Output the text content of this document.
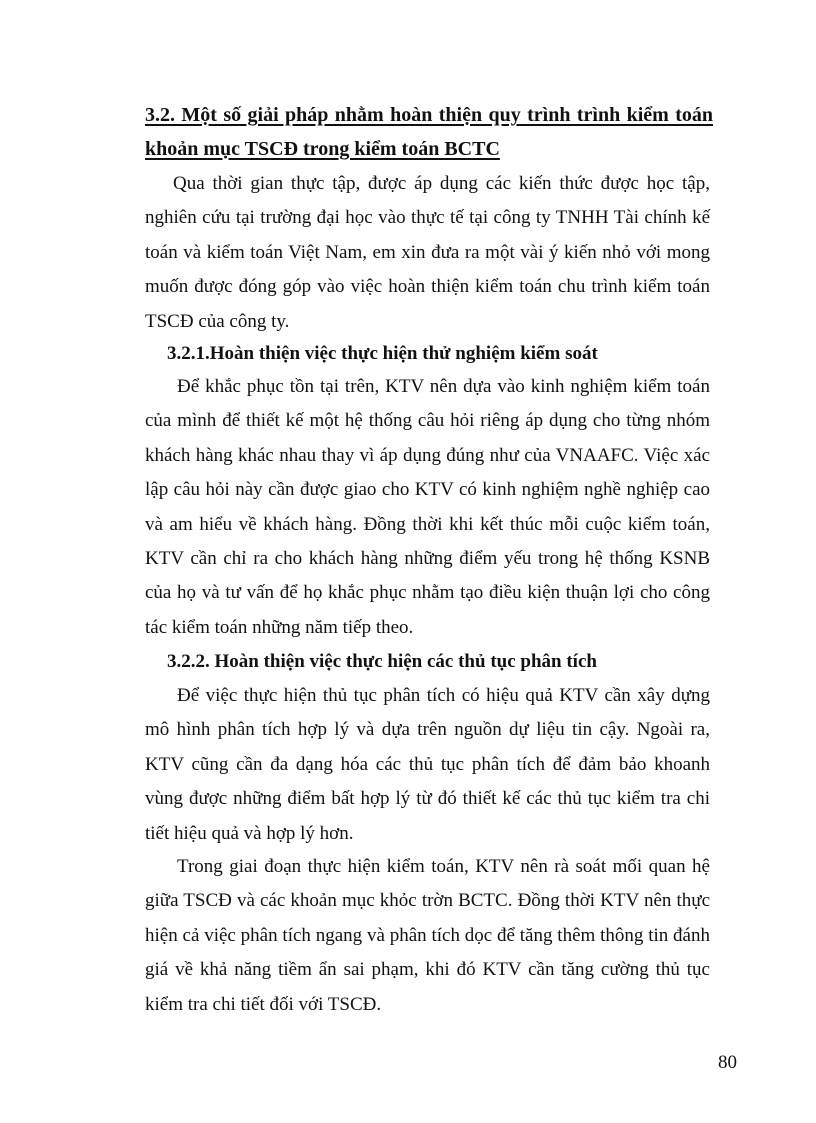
3.2. Một số giải pháp nhằm hoàn thiện quy trình trình kiểm toán
khoản mục TSCĐ trong kiểm toán BCTC
Qua thời gian thực tập, được áp dụng các kiến thức được học tập, nghiên cứu tại trường đại học vào thực tế tại công ty TNHH Tài chính kế toán và kiểm toán Việt Nam, em xin đưa ra một vài ý kiến nhỏ với mong muốn được đóng góp vào việc hoàn thiện kiểm toán chu trình kiểm toán TSCĐ của công ty.
3.2.1.Hoàn thiện việc thực hiện thử nghiệm kiểm soát
Để khắc phục tồn tại trên, KTV nên dựa vào kinh nghiệm kiểm toán của mình để thiết kế một hệ thống câu hỏi riêng áp dụng cho từng nhóm khách hàng khác nhau thay vì áp dụng đúng như của VNAAFC. Việc xác lập câu hỏi này cần được giao cho KTV có kinh nghiệm nghề nghiệp cao và am hiểu về khách hàng. Đồng thời khi kết thúc mỗi cuộc kiểm toán, KTV cần chỉ ra cho khách hàng những điểm yếu trong hệ thống KSNB của họ và tư vấn để họ khắc phục nhằm tạo điều kiện thuận lợi cho công tác kiểm toán những năm tiếp theo.
3.2.2. Hoàn thiện việc thực hiện các thủ tục phân tích
Để việc thực hiện thủ tục phân tích có hiệu quả KTV cần xây dựng mô hình phân tích hợp lý và dựa trên nguồn dự liệu tin cậy. Ngoài ra, KTV cũng cần đa dạng hóa các thủ tục phân tích để đảm bảo khoanh vùng được những điểm bất hợp lý từ đó thiết kế các thủ tục kiểm tra chi tiết hiệu quả và hợp lý hơn.
Trong giai đoạn thực hiện kiểm toán, KTV nên rà soát mối quan hệ giữa TSCĐ và các khoản mục khỏc trờn BCTC. Đồng thời KTV nên thực hiện cả việc phân tích ngang và phân tích dọc để tăng thêm thông tin đánh giá về khả năng tiềm ẩn sai phạm, khi đó KTV cần tăng cường thủ tục kiểm tra chi tiết đối với TSCĐ.
80
